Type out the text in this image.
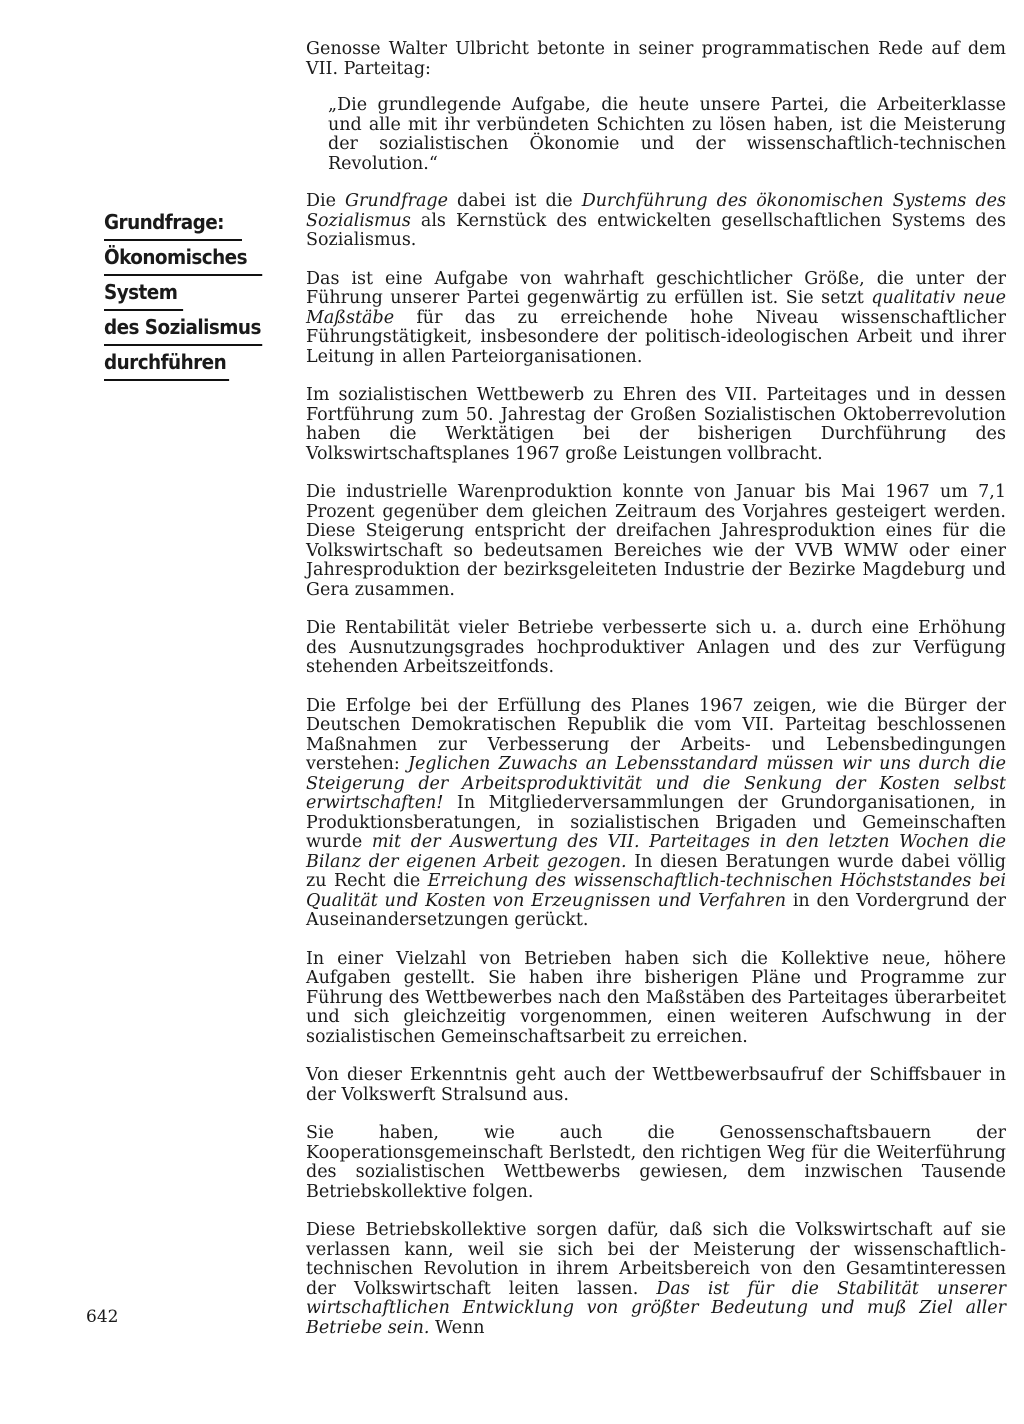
Grundfrage:
Ökonomisches
System
des Sozialismus
durchführen

Genosse Walter Ulbricht betonte in seiner programmatischen Rede auf dem VII. Parteitag:

„Die grundlegende Aufgabe, die heute unsere Partei, die Arbeiterklasse und alle mit ihr verbündeten Schichten zu lösen haben, ist die Meisterung der sozialistischen Ökonomie und der wissenschaftlich-technischen Revolution.“

Die Grundfrage dabei ist die Durchführung des ökonomischen Systems des Sozialismus als Kernstück des entwickelten gesellschaftlichen Systems des Sozialismus.

Das ist eine Aufgabe von wahrhaft geschichtlicher Größe, die unter der Führung unserer Partei gegenwärtig zu erfüllen ist. Sie setzt qualitativ neue Maßstäbe für das zu erreichende hohe Niveau wissenschaftlicher Führungstätigkeit, insbesondere der politisch-ideologischen Arbeit und ihrer Leitung in allen Parteiorganisationen.

Im sozialistischen Wettbewerb zu Ehren des VII. Parteitages und in dessen Fortführung zum 50. Jahrestag der Großen Sozialistischen Oktoberrevolution haben die Werktätigen bei der bisherigen Durchführung des Volkswirtschaftsplanes 1967 große Leistungen vollbracht.

Die industrielle Warenproduktion konnte von Januar bis Mai 1967 um 7,1 Prozent gegenüber dem gleichen Zeitraum des Vorjahres gesteigert werden. Diese Steigerung entspricht der dreifachen Jahresproduktion eines für die Volkswirtschaft so bedeutsamen Bereiches wie der VVB WMW oder einer Jahresproduktion der bezirksgeleiteten Industrie der Bezirke Magdeburg und Gera zusammen.

Die Rentabilität vieler Betriebe verbesserte sich u. a. durch eine Erhöhung des Ausnutzungsgrades hochproduktiver Anlagen und des zur Verfügung stehenden Arbeitszeitfonds.

Die Erfolge bei der Erfüllung des Planes 1967 zeigen, wie die Bürger der Deutschen Demokratischen Republik die vom VII. Parteitag beschlossenen Maßnahmen zur Verbesserung der Arbeits- und Lebensbedingungen verstehen: Jeglichen Zuwachs an Lebensstandard müssen wir uns durch die Steigerung der Arbeitsproduktivität und die Senkung der Kosten selbst erwirtschaften! In Mitgliederversammlungen der Grundorganisationen, in Produktionsberatungen, in sozialistischen Brigaden und Gemeinschaften wurde mit der Auswertung des VII. Parteitages in den letzten Wochen die Bilanz der eigenen Arbeit gezogen. In diesen Beratungen wurde dabei völlig zu Recht die Erreichung des wissenschaftlich-technischen Höchststandes bei Qualität und Kosten von Erzeugnissen und Verfahren in den Vordergrund der Auseinandersetzungen gerückt.

In einer Vielzahl von Betrieben haben sich die Kollektive neue, höhere Aufgaben gestellt. Sie haben ihre bisherigen Pläne und Programme zur Führung des Wettbewerbes nach den Maßstäben des Parteitages überarbeitet und sich gleichzeitig vorgenommen, einen weiteren Aufschwung in der sozialistischen Gemeinschaftsarbeit zu erreichen.

Von dieser Erkenntnis geht auch der Wettbewerbsaufruf der Schiffsbauer in der Volkswerft Stralsund aus.

Sie haben, wie auch die Genossenschaftsbauern der Kooperationsgemeinschaft Berlstedt, den richtigen Weg für die Weiterführung des sozialistischen Wettbewerbs gewiesen, dem inzwischen Tausende Betriebskollektive folgen.

Diese Betriebskollektive sorgen dafür, daß sich die Volkswirtschaft auf sie verlassen kann, weil sie sich bei der Meisterung der wissenschaftlich-technischen Revolution in ihrem Arbeitsbereich von den Gesamtinteressen der Volkswirtschaft leiten lassen. Das ist für die Stabilität unserer wirtschaftlichen Entwicklung von größter Bedeutung und muß Ziel aller Betriebe sein. Wenn

642
